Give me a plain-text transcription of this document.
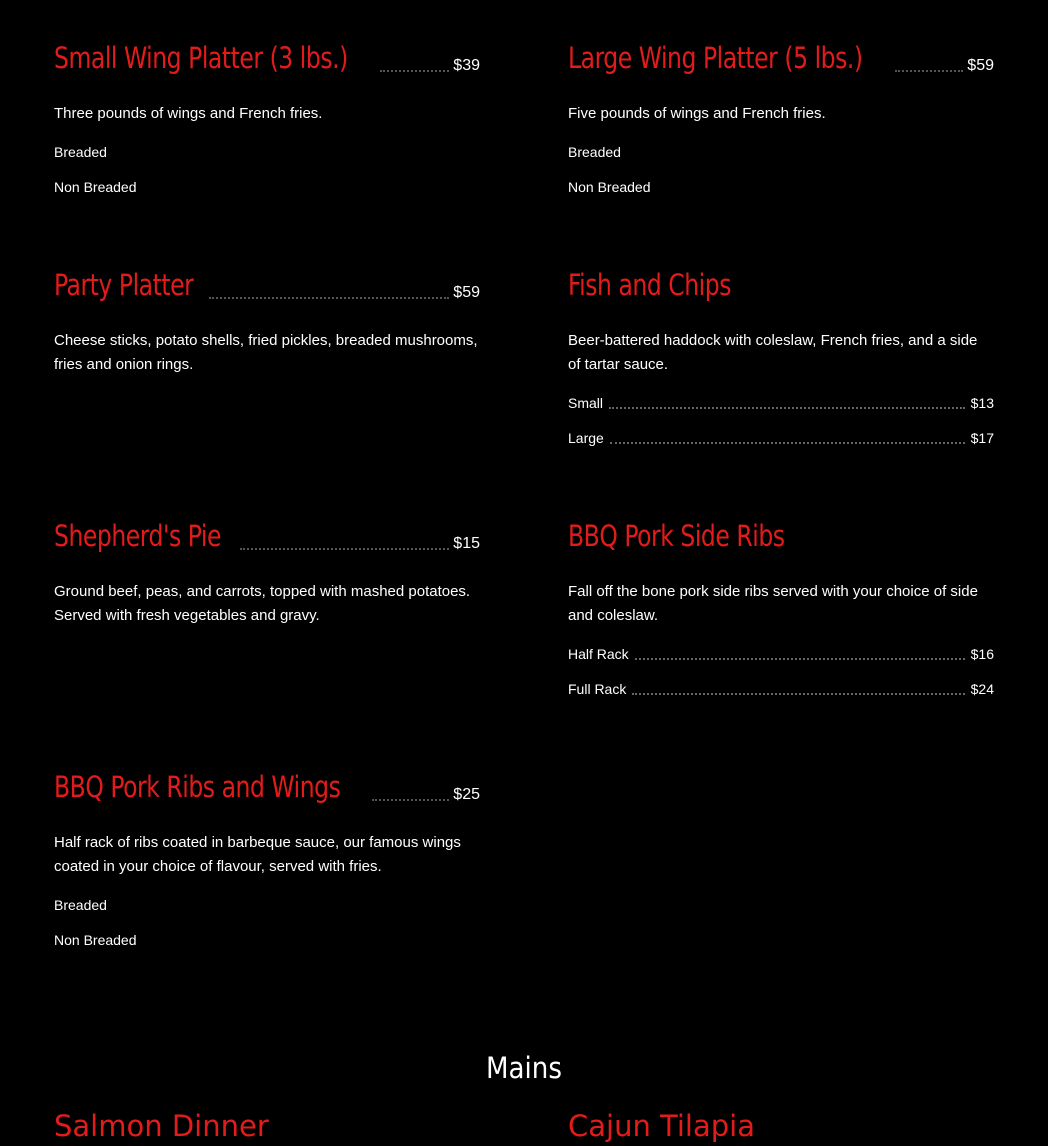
Small Wing Platter (3 lbs.)	$39

Three pounds of wings and French fries.

Breaded
Non Breaded
Large Wing Platter (5 lbs.)	$59

Five pounds of wings and French fries.

Breaded
Non Breaded
Party Platter	$59

Cheese sticks, potato shells, fried pickles, breaded mushrooms, fries and onion rings.

Fish and Chips

Beer-battered haddock with coleslaw, French fries, and a side of tartar sauce.

Small	$13
Large	$17
Shepherd's Pie	$15

Ground beef, peas, and carrots, topped with mashed potatoes. Served with fresh vegetables and gravy.

BBQ Pork Side Ribs

Fall off the bone pork side ribs served with your choice of side and coleslaw.

Half Rack	$16
Full Rack	$24
BBQ Pork Ribs and Wings	$25

Half rack of ribs coated in barbeque sauce, our famous wings coated in your choice of flavour, served with fries.

Breaded
Non Breaded
Mains
Salmon Dinner	Cajun Tilapia
